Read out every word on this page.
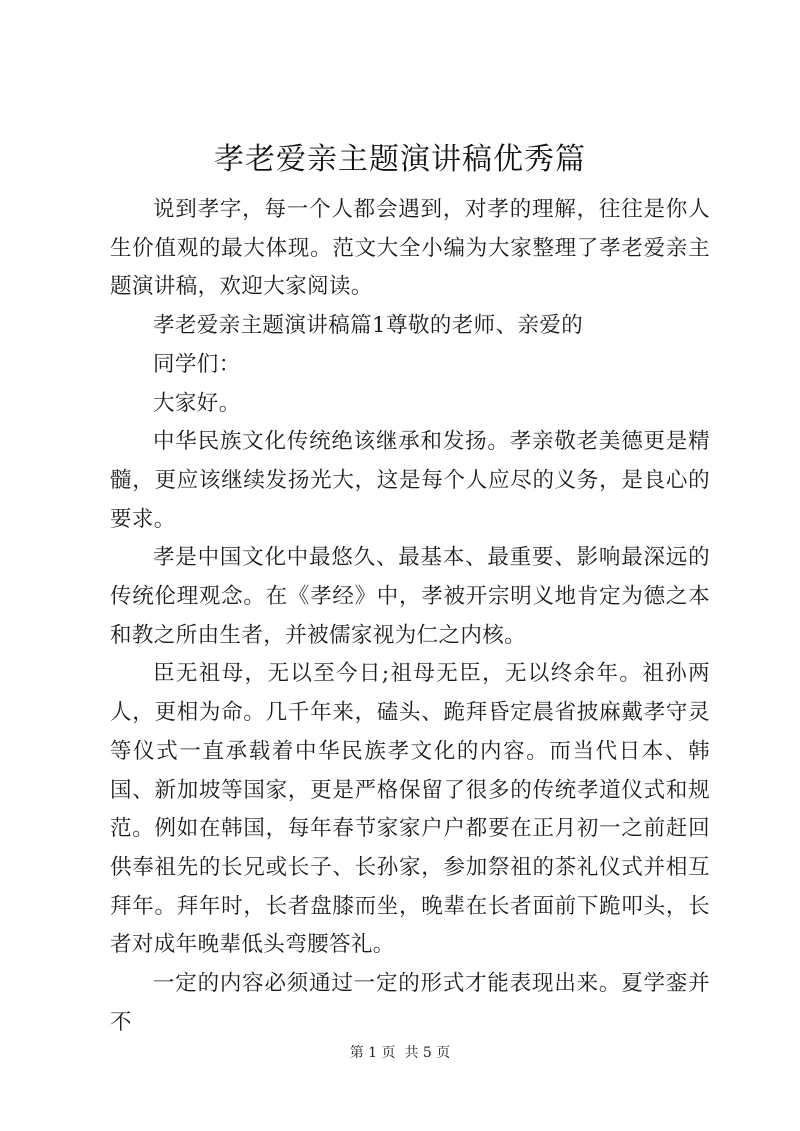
孝老爱亲主题演讲稿优秀篇

说到孝字，每一个人都会遇到，对孝的理解，往往是你人生价值观的最大体现。范文大全小编为大家整理了孝老爱亲主题演讲稿，欢迎大家阅读。

孝老爱亲主题演讲稿篇1尊敬的老师、亲爱的

同学们：

大家好。

中华民族文化传统绝该继承和发扬。孝亲敬老美德更是精髓，更应该继续发扬光大，这是每个人应尽的义务，是良心的要求。

孝是中国文化中最悠久、最基本、最重要、影响最深远的传统伦理观念。在《孝经》中，孝被开宗明义地肯定为德之本和教之所由生者，并被儒家视为仁之内核。

臣无祖母，无以至今日;祖母无臣，无以终余年。祖孙两人，更相为命。几千年来，磕头、跪拜昏定晨省披麻戴孝守灵等仪式一直承载着中华民族孝文化的内容。而当代日本、韩国、新加坡等国家，更是严格保留了很多的传统孝道仪式和规范。例如在韩国，每年春节家家户户都要在正月初一之前赶回供奉祖先的长兄或长子、长孙家，参加祭祖的茶礼仪式并相互拜年。拜年时，长者盘膝而坐，晚辈在长者面前下跪叩头，长者对成年晚辈低头弯腰答礼。

一定的内容必须通过一定的形式才能表现出来。夏学銮并不

第 1 页  共 5 页
